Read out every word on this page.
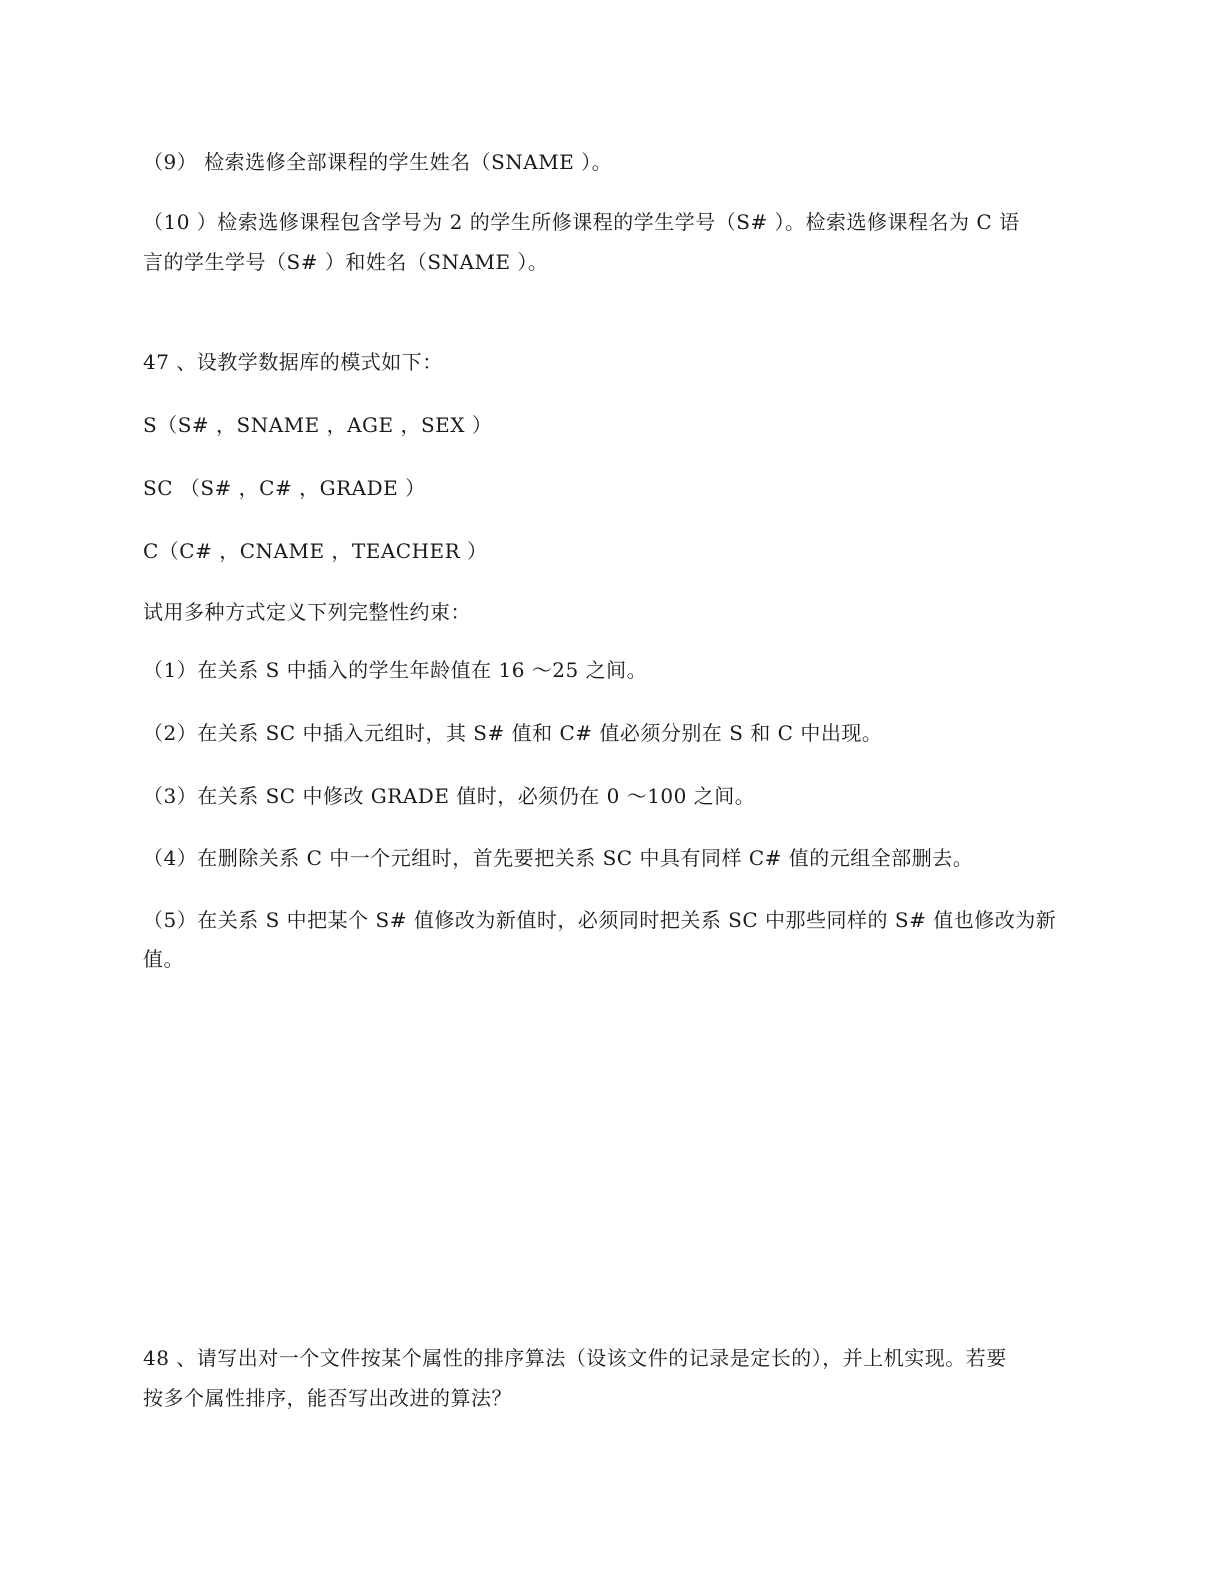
（9） 检索选修全部课程的学生姓名（SNAME ）。
（10 ）检索选修课程包含学号为 2 的学生所修课程的学生学号（S# ）。检索选修课程名为 C 语
言的学生学号（S# ）和姓名（SNAME ）。
47 、设教学数据库的模式如下：
S（S# ，SNAME ，AGE ，SEX ）
SC （S# ，C# ，GRADE ）
C（C# ，CNAME ，TEACHER ）
试用多种方式定义下列完整性约束：
（1）在关系 S 中插入的学生年龄值在 16 ～25 之间。
（2）在关系 SC 中插入元组时，其 S# 值和 C# 值必须分别在 S 和 C 中出现。
（3）在关系 SC 中修改 GRADE 值时，必须仍在 0 ～100 之间。
（4）在删除关系 C 中一个元组时，首先要把关系 SC 中具有同样 C# 值的元组全部删去。
（5）在关系 S 中把某个 S# 值修改为新值时，必须同时把关系 SC 中那些同样的 S# 值也修改为新
值。
48 、请写出对一个文件按某个属性的排序算法（设该文件的记录是定长的），并上机实现。若要
按多个属性排序，能否写出改进的算法？
